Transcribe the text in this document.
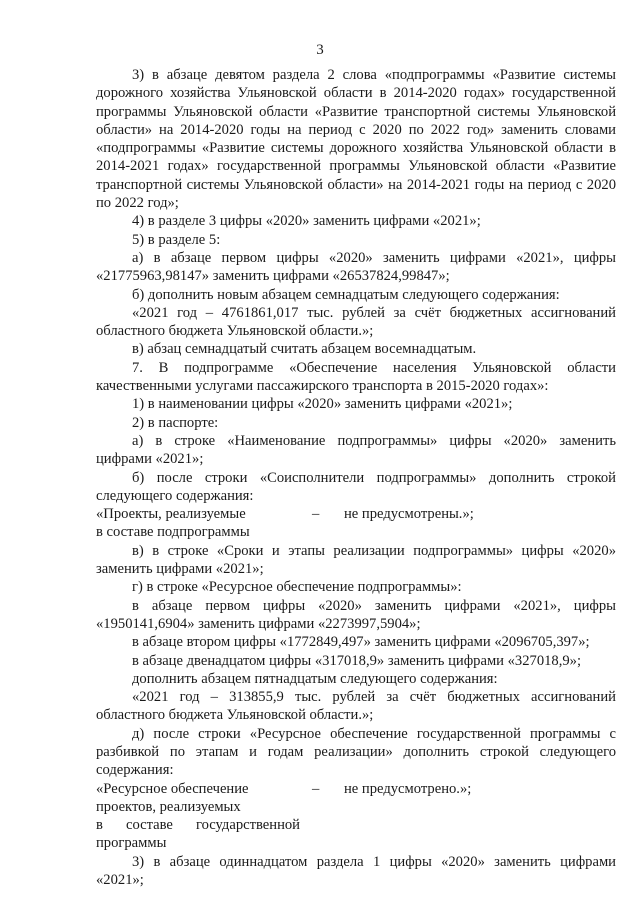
3

3) в абзаце девятом раздела 2 слова «подпрограммы «Развитие системы дорожного хозяйства Ульяновской области в 2014-2020 годах» государственной программы Ульяновской области «Развитие транспортной системы Ульяновской области» на 2014-2020 годы на период с 2020 по 2022 год» заменить словами «подпрограммы «Развитие системы дорожного хозяйства Ульяновской области в 2014-2021 годах» государственной программы Ульяновской области «Развитие транспортной системы Ульяновской области» на 2014-2021 годы на период с 2020 по 2022 год»;

4) в разделе 3 цифры «2020» заменить цифрами «2021»;

5) в разделе 5:

а) в абзаце первом цифры «2020» заменить цифрами «2021», цифры «21775963,98147» заменить цифрами «26537824,99847»;

б) дополнить новым абзацем семнадцатым следующего содержания:

«2021 год – 4761861,017 тыс. рублей за счёт бюджетных ассигнований областного бюджета Ульяновской области.»;

в) абзац семнадцатый считать абзацем восемнадцатым.

7. В подпрограмме «Обеспечение населения Ульяновской области качественными услугами пассажирского транспорта в 2015-2020 годах»:

1) в наименовании цифры «2020» заменить цифрами «2021»;

2) в паспорте:

а) в строке «Наименование подпрограммы» цифры «2020» заменить цифрами «2021»;

б) после строки «Соисполнители подпрограммы» дополнить строкой следующего содержания:

«Проекты, реализуемые
в составе подпрограммы
–	не предусмотрены.»;

в) в строке «Сроки и этапы реализации подпрограммы» цифры «2020» заменить цифрами «2021»;

г) в строке «Ресурсное обеспечение подпрограммы»:

в абзаце первом цифры «2020» заменить цифрами «2021», цифры «1950141,6904» заменить цифрами «2273997,5904»;

в абзаце втором цифры «1772849,497» заменить цифрами «2096705,397»;

в абзаце двенадцатом цифры «317018,9» заменить цифрами «327018,9»;

дополнить абзацем пятнадцатым следующего содержания:

«2021 год – 313855,9 тыс. рублей за счёт бюджетных ассигнований областного бюджета Ульяновской области.»;

д) после строки «Ресурсное обеспечение государственной программы с разбивкой по этапам и годам реализации» дополнить строкой следующего содержания:

«Ресурсное обеспечение
проектов, реализуемых
в составе государственной
программы
–	не предусмотрено.»;

3) в абзаце одиннадцатом раздела 1 цифры «2020» заменить цифрами «2021»;
